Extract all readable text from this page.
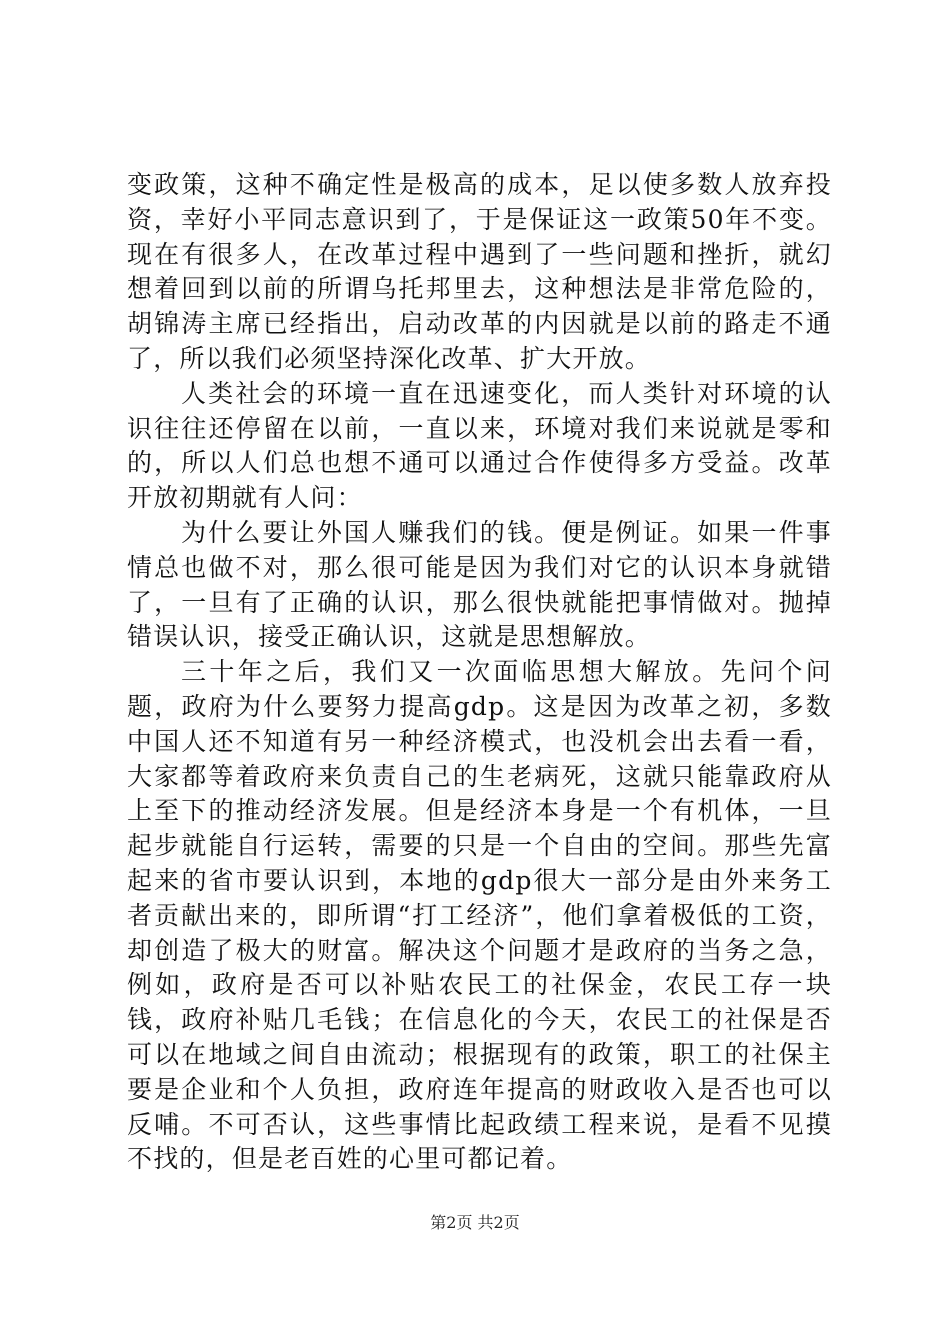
变政策，这种不确定性是极高的成本，足以使多数人放弃投资，幸好小平同志意识到了，于是保证这一政策50年不变。现在有很多人，在改革过程中遇到了一些问题和挫折，就幻想着回到以前的所谓乌托邦里去，这种想法是非常危险的，胡锦涛主席已经指出，启动改革的内因就是以前的路走不通了，所以我们必须坚持深化改革、扩大开放。

人类社会的环境一直在迅速变化，而人类针对环境的认识往往还停留在以前，一直以来，环境对我们来说就是零和的，所以人们总也想不通可以通过合作使得多方受益。改革开放初期就有人问：

为什么要让外国人赚我们的钱。便是例证。如果一件事情总也做不对，那么很可能是因为我们对它的认识本身就错了，一旦有了正确的认识，那么很快就能把事情做对。抛掉错误认识，接受正确认识，这就是思想解放。

三十年之后，我们又一次面临思想大解放。先问个问题，政府为什么要努力提高gdp。这是因为改革之初，多数中国人还不知道有另一种经济模式，也没机会出去看一看，大家都等着政府来负责自己的生老病死，这就只能靠政府从上至下的推动经济发展。但是经济本身是一个有机体，一旦起步就能自行运转，需要的只是一个自由的空间。那些先富起来的省市要认识到，本地的gdp很大一部分是由外来务工者贡献出来的，即所谓“打工经济”，他们拿着极低的工资，却创造了极大的财富。解决这个问题才是政府的当务之急，例如，政府是否可以补贴农民工的社保金，农民工存一块钱，政府补贴几毛钱；在信息化的今天，农民工的社保是否可以在地域之间自由流动；根据现有的政策，职工的社保主要是企业和个人负担，政府连年提高的财政收入是否也可以反哺。不可否认，这些事情比起政绩工程来说，是看不见摸不找的，但是老百姓的心里可都记着。

第2页 共2页
